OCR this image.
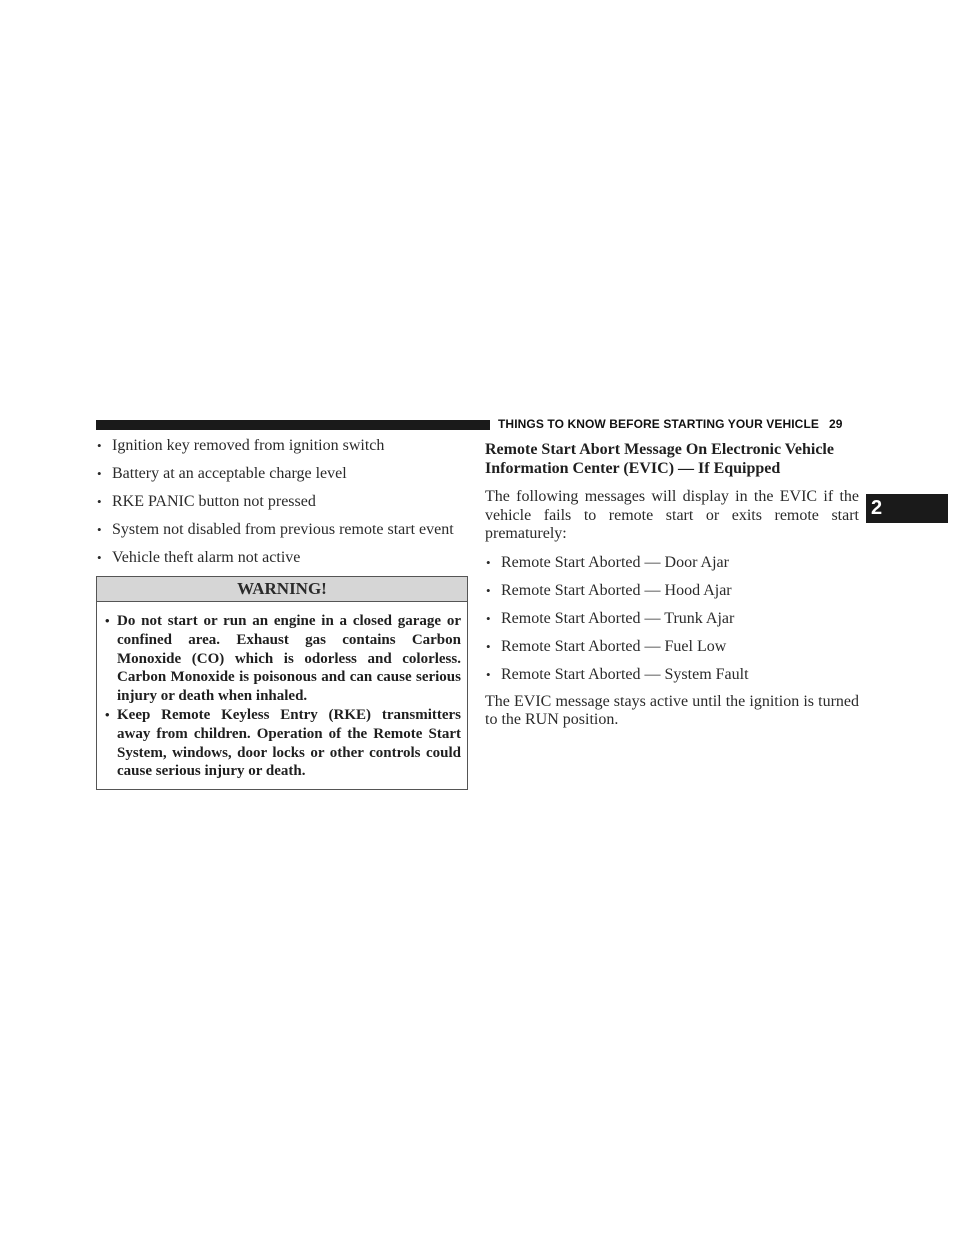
THINGS TO KNOW BEFORE STARTING YOUR VEHICLE 29
2
• Ignition key removed from ignition switch
• Battery at an acceptable charge level
• RKE PANIC button not pressed
• System not disabled from previous remote start event
• Vehicle theft alarm not active
WARNING!
• Do not start or run an engine in a closed garage or confined area. Exhaust gas contains Carbon Monoxide (CO) which is odorless and colorless. Carbon Monoxide is poisonous and can cause serious injury or death when inhaled.
• Keep Remote Keyless Entry (RKE) transmitters away from children. Operation of the Remote Start System, windows, door locks or other controls could cause serious injury or death.
Remote Start Abort Message On Electronic Vehicle Information Center (EVIC) — If Equipped

The following messages will display in the EVIC if the vehicle fails to remote start or exits remote start prematurely:

• Remote Start Aborted — Door Ajar
• Remote Start Aborted — Hood Ajar
• Remote Start Aborted — Trunk Ajar
• Remote Start Aborted — Fuel Low
• Remote Start Aborted — System Fault

The EVIC message stays active until the ignition is turned to the RUN position.
